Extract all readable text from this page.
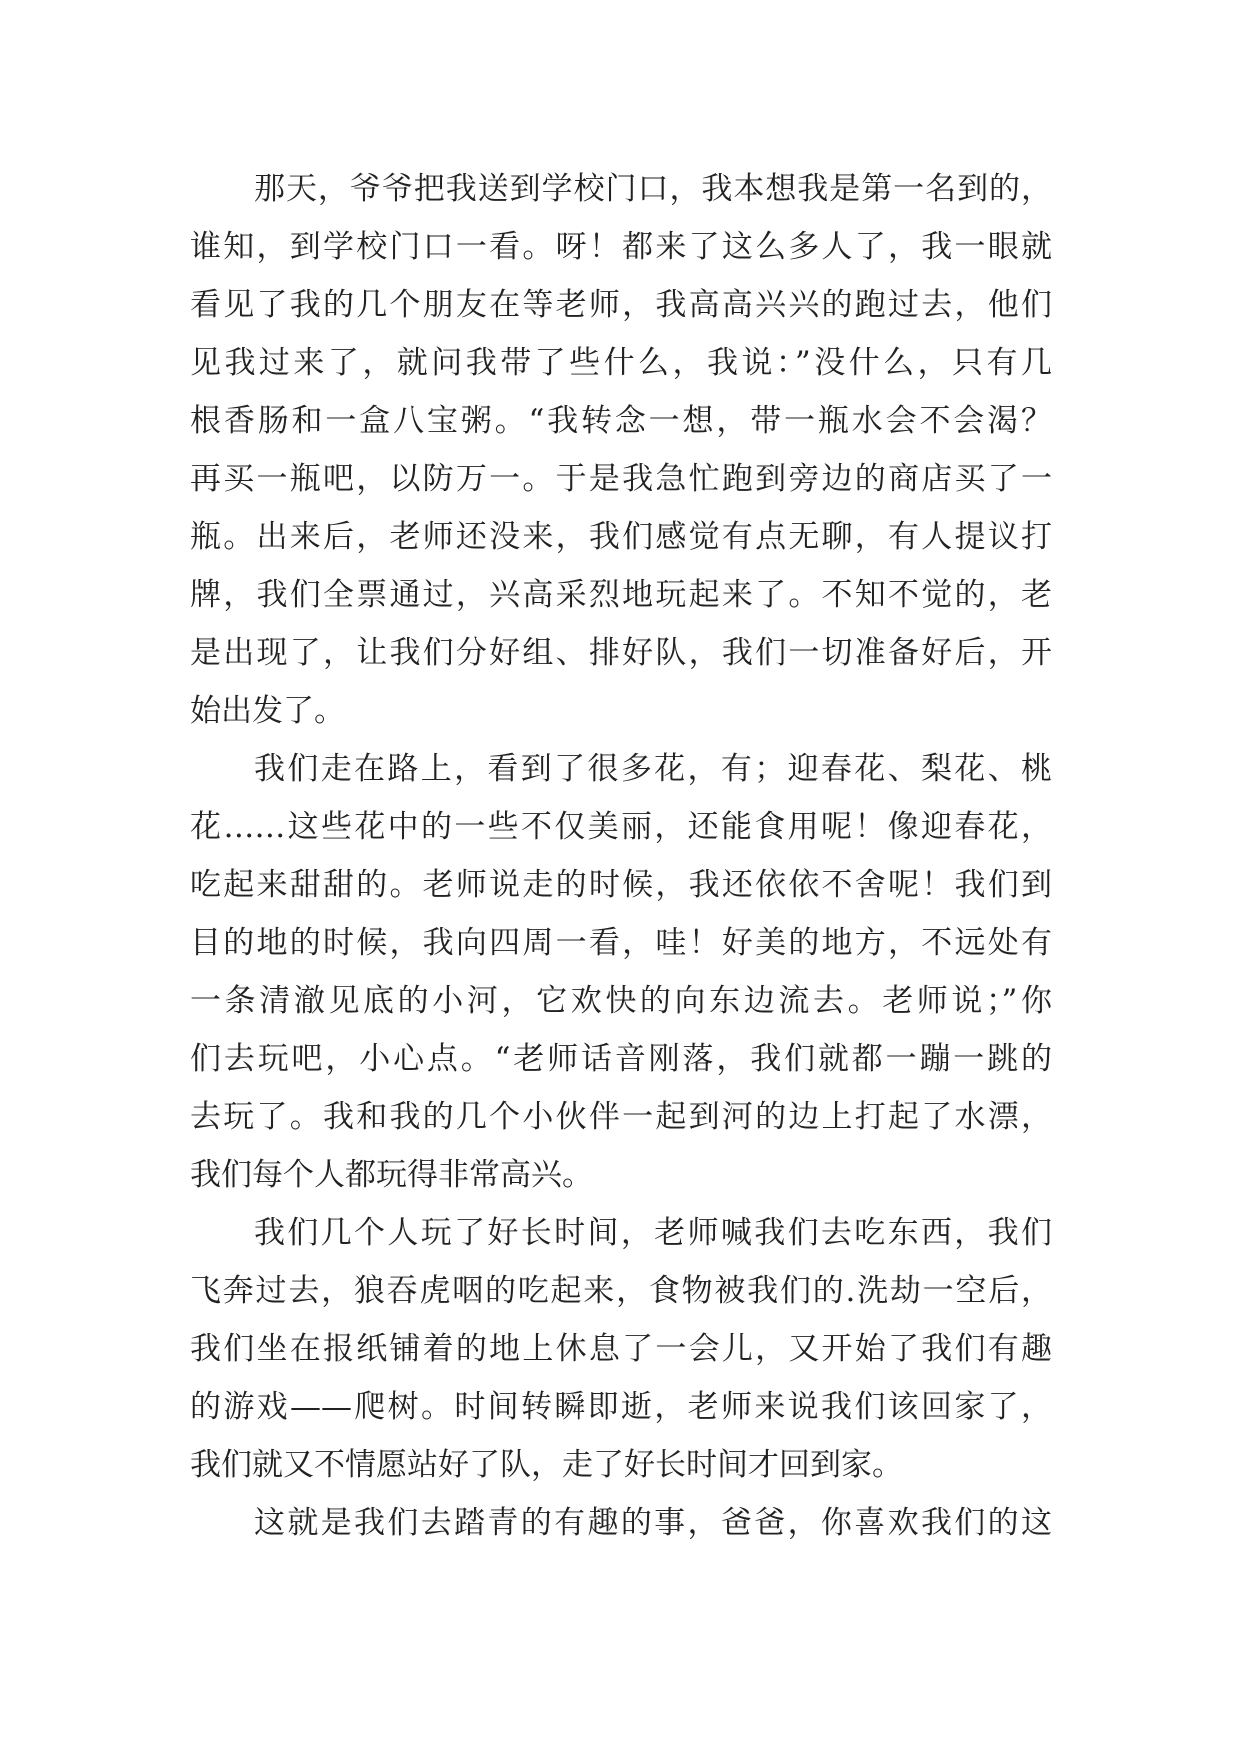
那天，爷爷把我送到学校门口，我本想我是第一名到的，
谁知，到学校门口一看。呀！都来了这么多人了，我一眼就
看见了我的几个朋友在等老师，我高高兴兴的跑过去，他们
见我过来了，就问我带了些什么，我说：”没什么，只有几
根香肠和一盒八宝粥。“我转念一想，带一瓶水会不会渴？
再买一瓶吧，以防万一。于是我急忙跑到旁边的商店买了一
瓶。出来后，老师还没来，我们感觉有点无聊，有人提议打
牌，我们全票通过，兴高采烈地玩起来了。不知不觉的，老
是出现了，让我们分好组、排好队，我们一切准备好后，开
始出发了。
我们走在路上，看到了很多花，有；迎春花、梨花、桃
花……这些花中的一些不仅美丽，还能食用呢！像迎春花，
吃起来甜甜的。老师说走的时候，我还依依不舍呢！我们到
目的地的时候，我向四周一看，哇！好美的地方，不远处有
一条清澈见底的小河，它欢快的向东边流去。老师说；”你
们去玩吧，小心点。“老师话音刚落，我们就都一蹦一跳的
去玩了。我和我的几个小伙伴一起到河的边上打起了水漂，
我们每个人都玩得非常高兴。
我们几个人玩了好长时间，老师喊我们去吃东西，我们
飞奔过去，狼吞虎咽的吃起来，食物被我们的.洗劫一空后，
我们坐在报纸铺着的地上休息了一会儿，又开始了我们有趣
的游戏——爬树。时间转瞬即逝，老师来说我们该回家了，
我们就又不情愿站好了队，走了好长时间才回到家。
这就是我们去踏青的有趣的事，爸爸，你喜欢我们的这
